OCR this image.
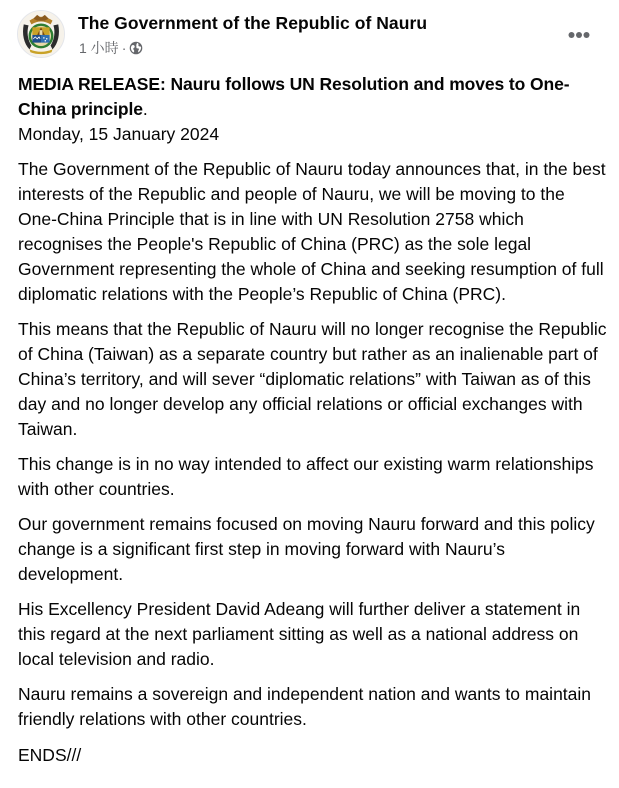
The Government of the Republic of Nauru
1 小時 ·
MEDIA RELEASE: Nauru follows UN Resolution and moves to One-China principle.
Monday, 15 January 2024

The Government of the Republic of Nauru today announces that, in the best interests of the Republic and people of Nauru, we will be moving to the One-China Principle that is in line with UN Resolution 2758 which recognises the People's Republic of China (PRC) as the sole legal Government representing the whole of China and seeking resumption of full diplomatic relations with the People’s Republic of China (PRC).

This means that the Republic of Nauru will no longer recognise the Republic of China (Taiwan) as a separate country but rather as an inalienable part of China’s territory, and will sever “diplomatic relations” with Taiwan as of this day and no longer develop any official relations or official exchanges with Taiwan.

This change is in no way intended to affect our existing warm relationships with other countries.

Our government remains focused on moving Nauru forward and this policy change is a significant first step in moving forward with Nauru’s development.

His Excellency President David Adeang will further deliver a statement in this regard at the next parliament sitting as well as a national address on local television and radio.

Nauru remains a sovereign and independent nation and wants to maintain friendly relations with other countries.

ENDS///
